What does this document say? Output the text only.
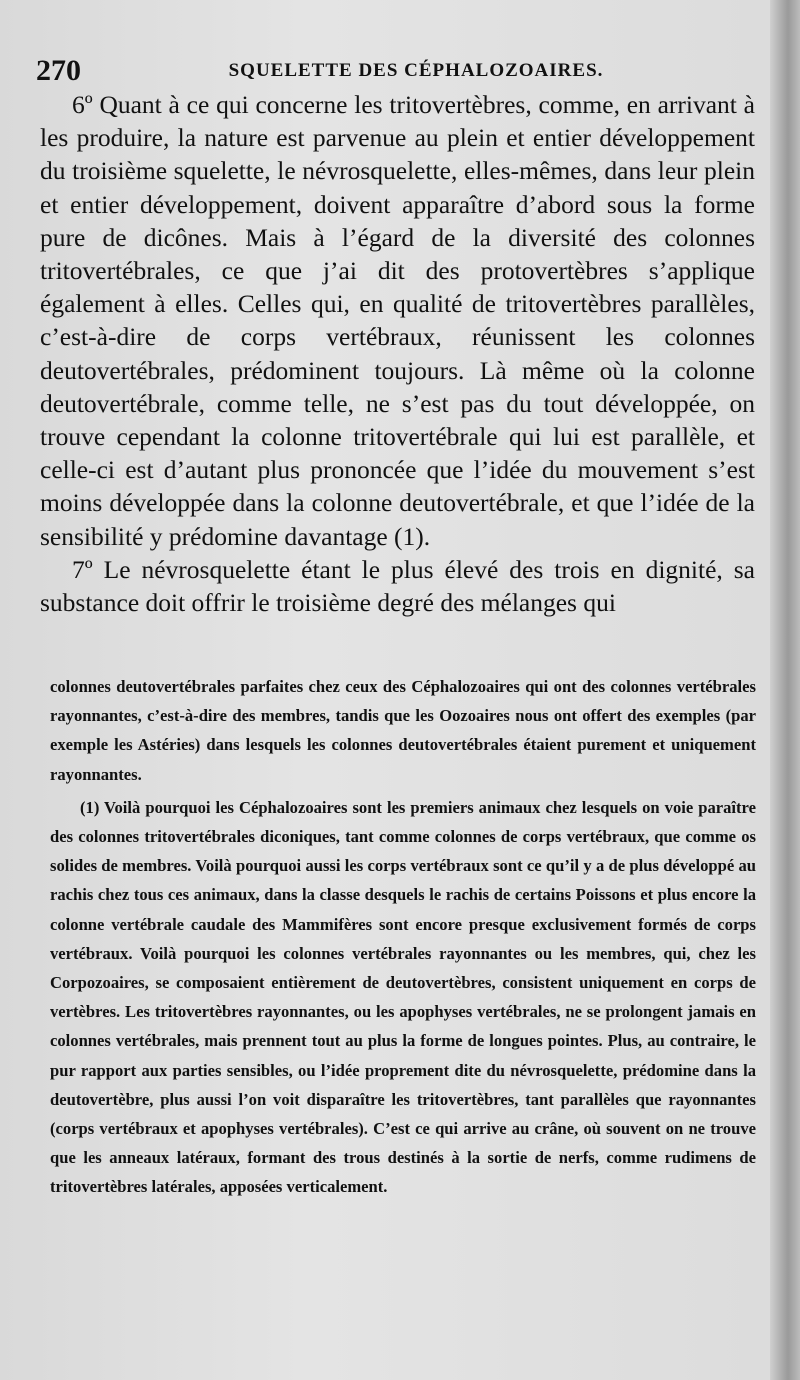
270	SQUELETTE DES CÉPHALOZOAIRES.

6º Quant à ce qui concerne les tritovertèbres, comme, en arrivant à les produire, la nature est parvenue au plein et entier développement du troisième squelette, le névrosquelette, elles-mêmes, dans leur plein et entier développement, doivent apparaître d’abord sous la forme pure de dicônes. Mais à l’égard de la diversité des colonnes tritovertébrales, ce que j’ai dit des protovertèbres s’applique également à elles. Celles qui, en qualité de tritovertèbres parallèles, c’est-à-dire de corps vertébraux, réunissent les colonnes deutovertébrales, prédominent toujours. Là même où la colonne deutovertébrale, comme telle, ne s’est pas du tout développée, on trouve cependant la colonne tritovertébrale qui lui est parallèle, et celle-ci est d’autant plus prononcée que l’idée du mouvement s’est moins développée dans la colonne deutovertébrale, et que l’idée de la sensibilité y prédomine davantage (1).

7º Le névrosquelette étant le plus élevé des trois en dignité, sa substance doit offrir le troisième degré des mélanges qui

colonnes deutovertébrales parfaites chez ceux des Céphalozoaires qui ont des colonnes vertébrales rayonnantes, c’est-à-dire des membres, tandis que les Oozoaires nous ont offert des exemples (par exemple les Astéries) dans lesquels les colonnes deutovertébrales étaient purement et uniquement rayonnantes.

(1) Voilà pourquoi les Céphalozoaires sont les premiers animaux chez lesquels on voie paraître des colonnes tritovertébrales diconiques, tant comme colonnes de corps vertébraux, que comme os solides de membres. Voilà pourquoi aussi les corps vertébraux sont ce qu’il y a de plus développé au rachis chez tous ces animaux, dans la classe desquels le rachis de certains Poissons et plus encore la colonne vertébrale caudale des Mammifères sont encore presque exclusivement formés de corps vertébraux. Voilà pourquoi les colonnes vertébrales rayonnantes ou les membres, qui, chez les Corpozoaires, se composaient entièrement de deutovertèbres, consistent uniquement en corps de vertèbres. Les tritovertèbres rayonnantes, ou les apophyses vertébrales, ne se prolongent jamais en colonnes vertébrales, mais prennent tout au plus la forme de longues pointes. Plus, au contraire, le pur rapport aux parties sensibles, ou l’idée proprement dite du névrosquelette, prédomine dans la deutovertèbre, plus aussi l’on voit disparaître les tritovertèbres, tant parallèles que rayonnantes (corps vertébraux et apophyses vertébrales). C’est ce qui arrive au crâne, où souvent on ne trouve que les anneaux latéraux, formant des trous destinés à la sortie de nerfs, comme rudimens de tritovertèbres latérales, apposées verticalement.
